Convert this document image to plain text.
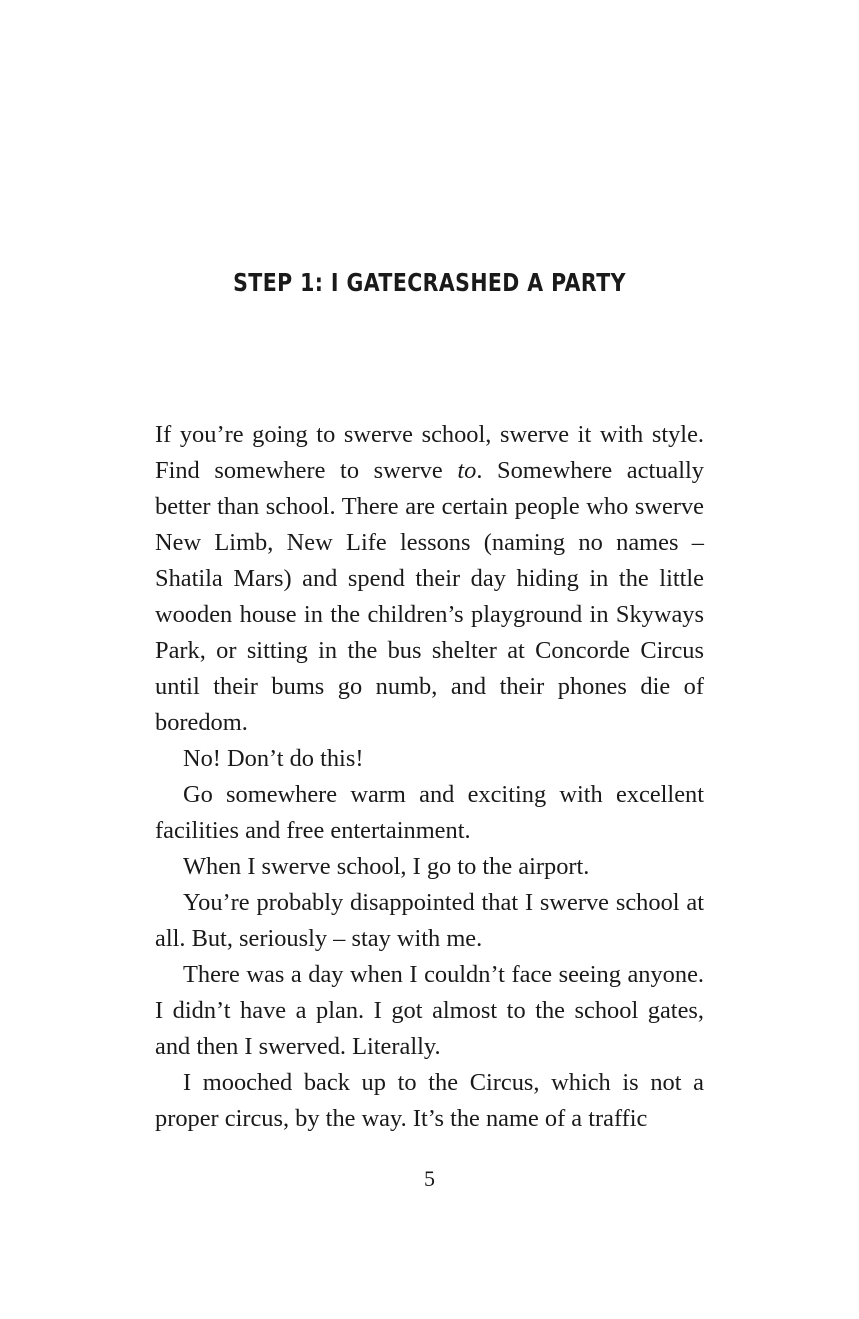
STEP 1: I GATECRASHED A PARTY

If you’re going to swerve school, swerve it with style. Find somewhere to swerve to. Somewhere actually better than school. There are certain people who swerve New Limb, New Life lessons (naming no names – Shatila Mars) and spend their day hiding in the little wooden house in the children’s playground in Skyways Park, or sitting in the bus shelter at Concorde Circus until their bums go numb, and their phones die of boredom.

No! Don’t do this!

Go somewhere warm and exciting with excellent facilities and free entertainment.

When I swerve school, I go to the airport.

You’re probably disappointed that I swerve school at all. But, seriously – stay with me.

There was a day when I couldn’t face seeing anyone. I didn’t have a plan. I got almost to the school gates, and then I swerved. Literally.

I mooched back up to the Circus, which is not a proper circus, by the way. It’s the name of a traffic

5
